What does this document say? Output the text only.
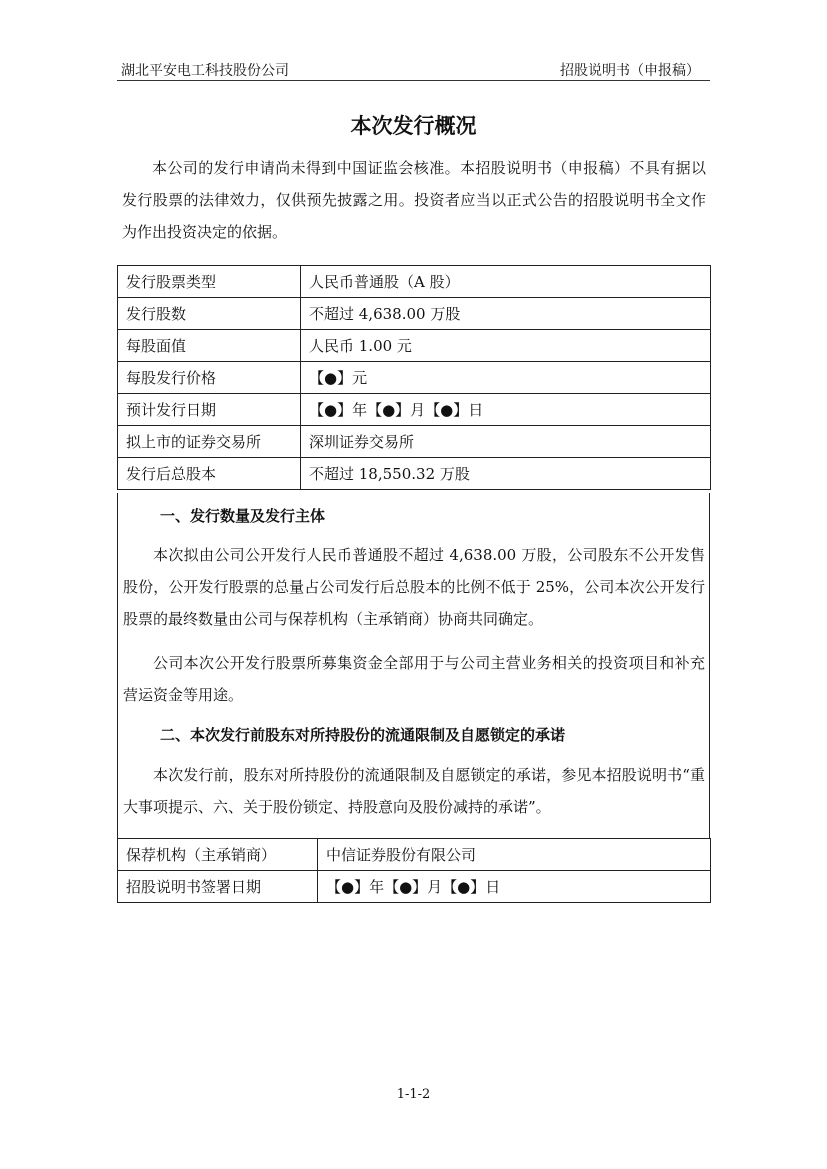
湖北平安电工科技股份公司	招股说明书（申报稿）
本次发行概况
本公司的发行申请尚未得到中国证监会核准。本招股说明书（申报稿）不具有据以发行股票的法律效力，仅供预先披露之用。投资者应当以正式公告的招股说明书全文作为作出投资决定的依据。
发行股票类型	人民币普通股（A 股）
发行股数	不超过 4,638.00 万股
每股面值	人民币 1.00 元
每股发行价格	【●】元
预计发行日期	【●】年【●】月【●】日
拟上市的证券交易所	深圳证券交易所
发行后总股本	不超过 18,550.32 万股
一、发行数量及发行主体
本次拟由公司公开发行人民币普通股不超过 4,638.00 万股，公司股东不公开发售股份，公开发行股票的总量占公司发行后总股本的比例不低于 25%，公司本次公开发行股票的最终数量由公司与保荐机构（主承销商）协商共同确定。
公司本次公开发行股票所募集资金全部用于与公司主营业务相关的投资项目和补充营运资金等用途。
二、本次发行前股东对所持股份的流通限制及自愿锁定的承诺
本次发行前，股东对所持股份的流通限制及自愿锁定的承诺，参见本招股说明书“重大事项提示、六、关于股份锁定、持股意向及股份减持的承诺”。
保荐机构（主承销商）	中信证券股份有限公司
招股说明书签署日期	【●】年【●】月【●】日
1-1-2
